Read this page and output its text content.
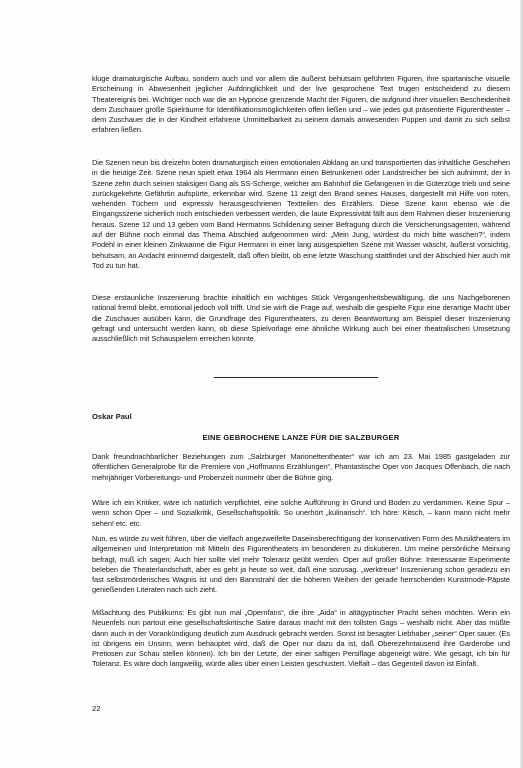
kluge dramaturgische Aufbau, sondern auch und vor allem die äußerst behutsam geführten Figuren, ihre spartanische visuelle Erscheinung in Abwesenheit jeglicher Aufdringlichkeit und der live gesprochene Text trugen entscheidend zu diesem Theatereignis bei. Wichtiger noch war die an Hypnose grenzende Macht der Figuren, die aufgrund ihrer visuellen Bescheidenheit dem Zuschauer große Spielräume für Identifikationsmöglichkeiten offen ließen und – wie jedes gut präsentierte Figurentheater – dem Zuschauer die in der Kindheit erfahrene Unmittelbarkeit zu seinem damals anwesenden Puppen und damit zu sich selbst erfahren ließen.

Die Szenen neun bis dreizehn boten dramaturgisch einen emotionalen Abklang an und transportierten das inhaltliche Geschehen in die heutige Zeit. Szene neun spielt etwa 1964 als Herrmann einen Betrunkenen oder Landstreicher bei sich aufnimmt, der in Szene zehn durch seinen staksigen Gang als SS-Scherge, welcher am Bahnhof die Gefangenen in die Güterzüge trieb und seine zurückgekehrte Gefährtin aufspürte, erkennbar wird. Szene 11 zeigt den Brand seines Hauses, dargestellt mit Hilfe von roten, wehenden Tüchern und expressiv herausgeschrienen Textteilen des Erzählers. Diese Szene kann ebenso wie die Eingangsszene sicherlich noch entschieden verbessert werden, die laute Expressivität fällt aus dem Rahmen dieser Inszenierung heraus. Szene 12 und 13 geben vom Band Hermanns Schilderung seiner Befragung durch die Versicherungsagenten, während auf der Bühne noch einmal das Thema Abschied aufgenommen wird: „Mein Jung, würdest du mich bitte waschen?“, indem Podehl in einer kleinen Zinkwanne die Figur Hermann in einer lang ausgespielten Szene mit Wasser wäscht, äußerst vorsichtig, behutsam, an Andacht erinnernd dargestellt, daß offen bleibt, ob eine letzte Waschung stattfindet und der Abschied hier auch mit Tod zu tun hat.

Diese erstaunliche Inszenierung brachte inhaltlich ein wichtiges Stück Vergangenheitsbewältigung, die uns Nachgeborenen rational fremd bleibt, emotional jedoch voll trifft. Und sie wirft die Frage auf, weshalb die gespielte Figur eine derartige Macht über die Zuschauer ausüben kann, die Grundfrage des Figurentheaters, zu deren Beantwortung am Beispiel dieser Inszenierung gefragt und untersucht werden kann, ob diese Spielvorlage eine ähnliche Wirkung auch bei einer theatralischen Umsetzung ausschließlich mit Schauspielern erreichen könnte.

Oskar Paul

EINE GEBROCHENE LANZE FÜR DIE SALZBURGER

Dank freundnachbarlicher Beziehungen zum „Salzburger Marionettentheater“ war ich am 23. Mai 1985 gastgeladen zur öffentlichen Generalprobe für die Premiere von „Hoffmanns Erzählungen“, Phantastische Oper von Jacques Offenbach, die nach mehrjähriger Vorbereitungs- und Probenzeit nunmehr über die Bühne ging.

Wäre ich ein Kritiker, wäre ich natürlich verpflichtet, eine solche Aufführung in Grund und Boden zu verdammen. Keine Spur – wenn schon Oper – und Sozialkritik, Gesellschaftspolitik. So unerhört „kulinarisch“. Ich höre: Kitsch, – kann mann nicht mehr sehen! etc. etc.

Nun, es würde zu weit führen, über die vielfach angezweifelte Daseinsberechtigung der konservativen Form des Musiktheaters im allgemeinen und Interpretation mit Mitteln des Figurentheaters im besonderen zu diskutieren. Um meine persönliche Meinung befragt, muß ich sagen: Auch hier sollte viel mehr Toleranz geübt werden. Oper auf großer Bühne: Interessante Experimente beleben die Theaterlandschaft, aber es geht ja heute so weit, daß eine sozusag. „werktreue“ Inszenierung schon geradezu ein fast selbstmörderisches Wagnis ist und den Bannstrahl der die höheren Weihen der gerade herrschenden Kunstmode-Päpste genießenden Literaten nach sich zieht.

Mißachtung des Publikums: Es gibt nun mal „Opernfans“, die ihre „Aida“ in altägyptischer Pracht sehen möchten. Wenn ein Neuenfels nun partout eine gesellschaftskritische Satire daraus macht mit den tollsten Gags – weshalb nicht. Aber das müßte dann auch in der Vorankündigung deutlich zum Ausdruck gebracht werden. Sonst ist besagter Liebhaber „seiner“ Oper sauer. (Es ist übrigens ein Unsinn, wenn behauptet wird, daß die Oper nur dazu da ist, daß Oberezehntausend ihre Garderobe und Pretiosen zur Schau stellen können). Ich bin der Letzte, der einer saftigen Persiflage abgeneigt wäre. Wie gesagt, ich bin für Toleranz. Es wäre doch langweilig, würde alles über einen Leisten geschustert. Vielfalt – das Gegenteil davon ist Einfalt.

22
